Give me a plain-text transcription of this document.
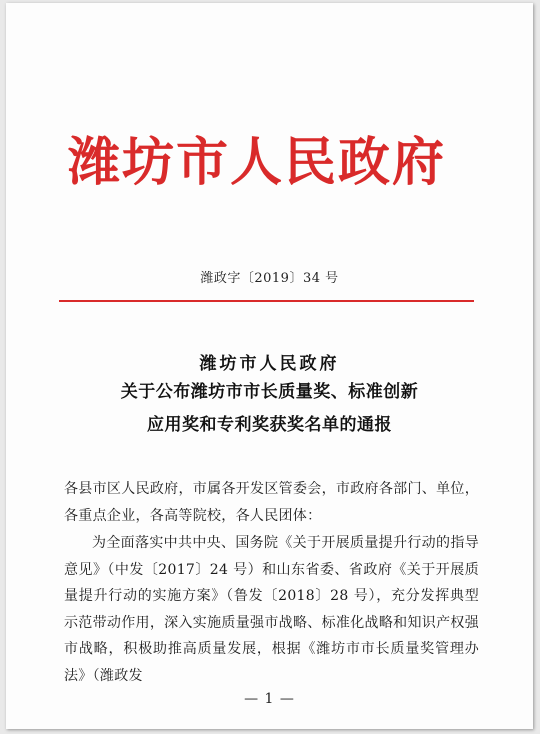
潍坊市人民政府
潍政字〔2019〕34 号
潍坊市人民政府
关于公布潍坊市市长质量奖、标准创新
应用奖和专利奖获奖名单的通报
各县市区人民政府，市属各开发区管委会，市政府各部门、单位，各重点企业，各高等院校，各人民团体：
为全面落实中共中央、国务院《关于开展质量提升行动的指导意见》（中发〔2017〕24 号）和山东省委、省政府《关于开展质量提升行动的实施方案》（鲁发〔2018〕28 号），充分发挥典型示范带动作用，深入实施质量强市战略、标准化战略和知识产权强市战略，积极助推高质量发展，根据《潍坊市市长质量奖管理办法》（潍政发
— 1 —
